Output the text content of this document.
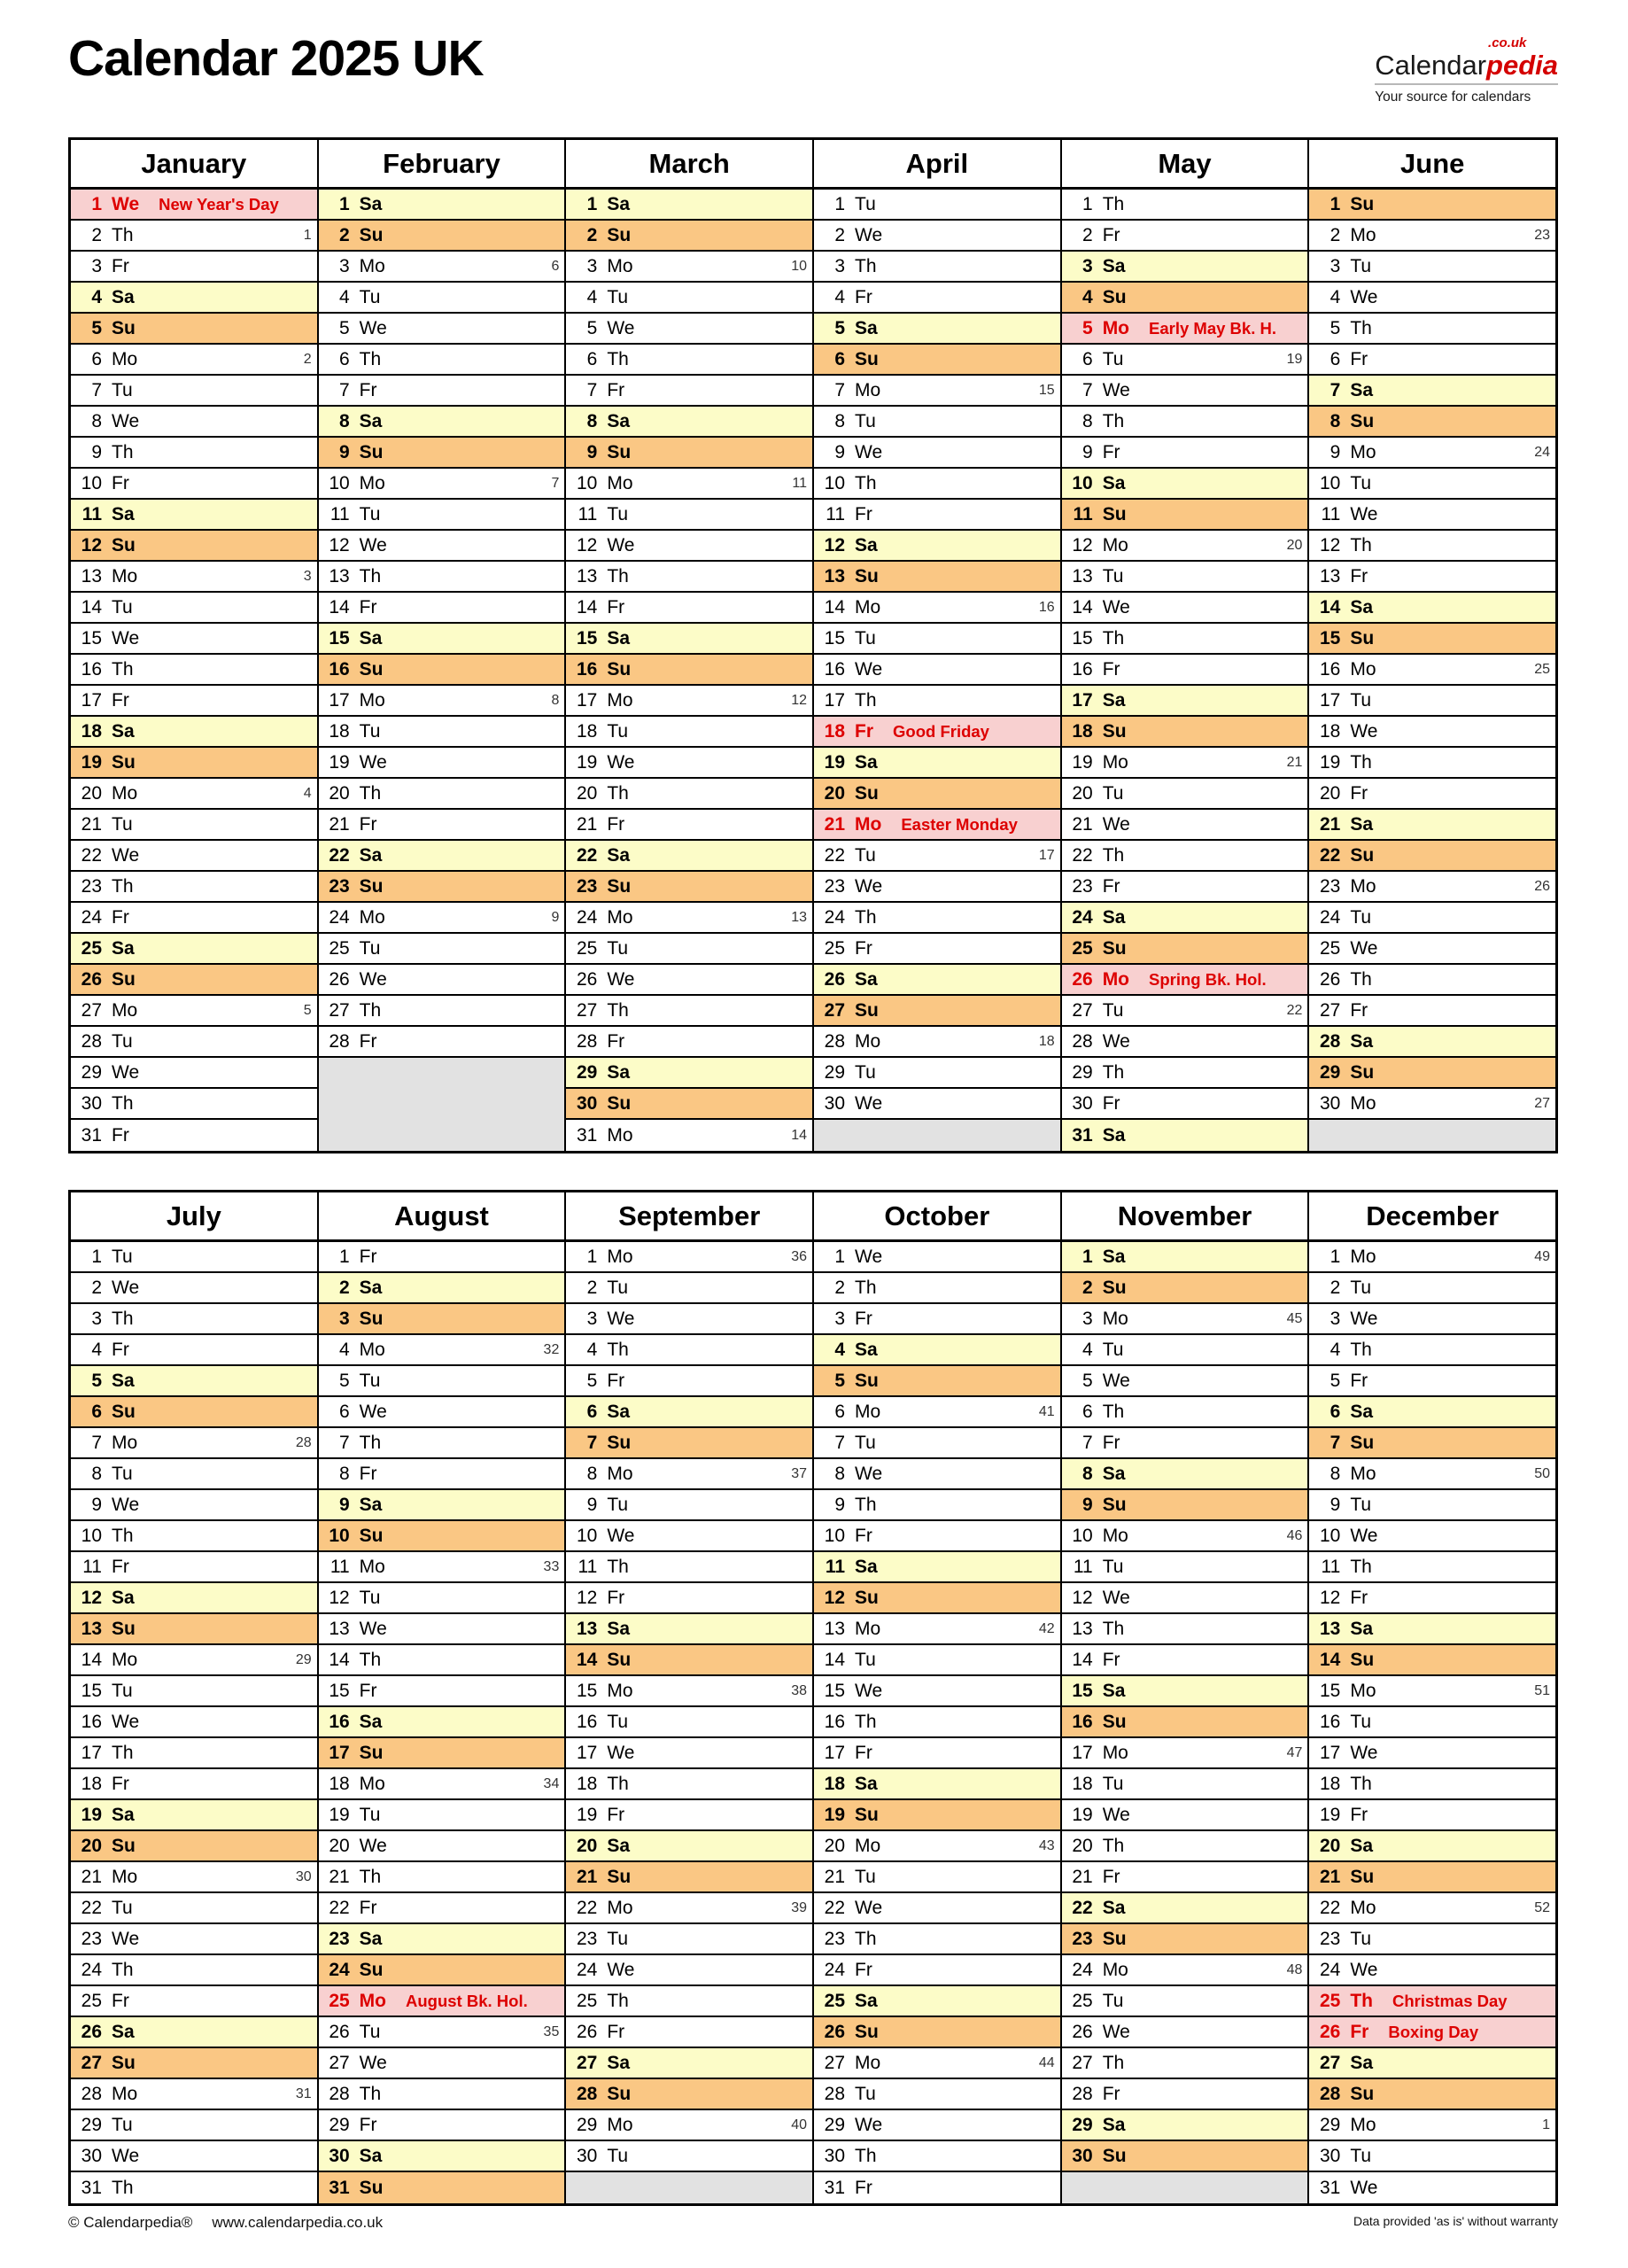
Calendar 2025 UK	Calendar
.co.uk
pedia
Your source for calendars
January
1 We New Year's Day
2 Th	1
3 Fr
4 Sa
5 Su
6 Mo	2
7 Tu
8 We
9 Th
10 Fr
11 Sa
12 Su
13 Mo	3
14 Tu
15 We
16 Th
17 Fr
18 Sa
19 Su
20 Mo	4
21 Tu
22 We
23 Th
24 Fr
25 Sa
26 Su
27 Mo	5
28 Tu
29 We
30 Th
31 Fr
February
1 Sa
2 Su
3 Mo	6
4 Tu
5 We
6 Th
7 Fr
8 Sa
9 Su
10 Mo	7
11 Tu
12 We
13 Th
14 Fr
15 Sa
16 Su
17 Mo	8
18 Tu
19 We
20 Th
21 Fr
22 Sa
23 Su
24 Mo	9
25 Tu
26 We
27 Th
28 Fr
March
1 Sa
2 Su
3 Mo	10
4 Tu
5 We
6 Th
7 Fr
8 Sa
9 Su
10 Mo	11
11 Tu
12 We
13 Th
14 Fr
15 Sa
16 Su
17 Mo	12
18 Tu
19 We
20 Th
21 Fr
22 Sa
23 Su
24 Mo	13
25 Tu
26 We
27 Th
28 Fr
29 Sa
30 Su
31 Mo	14
April
1 Tu
2 We
3 Th
4 Fr
5 Sa
6 Su
7 Mo	15
8 Tu
9 We
10 Th
11 Fr
12 Sa
13 Su
14 Mo	16
15 Tu
16 We
17 Th
18 Fr Good Friday
19 Sa
20 Su
21 Mo Easter Monday
22 Tu	17
23 We
24 Th
25 Fr
26 Sa
27 Su
28 Mo	18
29 Tu
30 We
May
1 Th
2 Fr
3 Sa
4 Su
5 Mo Early May Bk. H.
6 Tu	19
7 We
8 Th
9 Fr
10 Sa
11 Su
12 Mo	20
13 Tu
14 We
15 Th
16 Fr
17 Sa
18 Su
19 Mo	21
20 Tu
21 We
22 Th
23 Fr
24 Sa
25 Su
26 Mo Spring Bk. Hol.
27 Tu	22
28 We
29 Th
30 Fr
31 Sa
June
1 Su
2 Mo	23
3 Tu
4 We
5 Th
6 Fr
7 Sa
8 Su
9 Mo	24
10 Tu
11 We
12 Th
13 Fr
14 Sa
15 Su
16 Mo	25
17 Tu
18 We
19 Th
20 Fr
21 Sa
22 Su
23 Mo	26
24 Tu
25 We
26 Th
27 Fr
28 Sa
29 Su
30 Mo	27
July
1 Tu
2 We
3 Th
4 Fr
5 Sa
6 Su
7 Mo	28
8 Tu
9 We
10 Th
11 Fr
12 Sa
13 Su
14 Mo	29
15 Tu
16 We
17 Th
18 Fr
19 Sa
20 Su
21 Mo	30
22 Tu
23 We
24 Th
25 Fr
26 Sa
27 Su
28 Mo	31
29 Tu
30 We
31 Th
August
1 Fr
2 Sa
3 Su
4 Mo	32
5 Tu
6 We
7 Th
8 Fr
9 Sa
10 Su
11 Mo	33
12 Tu
13 We
14 Th
15 Fr
16 Sa
17 Su
18 Mo	34
19 Tu
20 We
21 Th
22 Fr
23 Sa
24 Su
25 Mo August Bk. Hol.
26 Tu	35
27 We
28 Th
29 Fr
30 Sa
31 Su
September
1 Mo	36
2 Tu
3 We
4 Th
5 Fr
6 Sa
7 Su
8 Mo	37
9 Tu
10 We
11 Th
12 Fr
13 Sa
14 Su
15 Mo	38
16 Tu
17 We
18 Th
19 Fr
20 Sa
21 Su
22 Mo	39
23 Tu
24 We
25 Th
26 Fr
27 Sa
28 Su
29 Mo	40
30 Tu
October
1 We
2 Th
3 Fr
4 Sa
5 Su
6 Mo	41
7 Tu
8 We
9 Th
10 Fr
11 Sa
12 Su
13 Mo	42
14 Tu
15 We
16 Th
17 Fr
18 Sa
19 Su
20 Mo	43
21 Tu
22 We
23 Th
24 Fr
25 Sa
26 Su
27 Mo	44
28 Tu
29 We
30 Th
31 Fr
November
1 Sa
2 Su
3 Mo	45
4 Tu
5 We
6 Th
7 Fr
8 Sa
9 Su
10 Mo	46
11 Tu
12 We
13 Th
14 Fr
15 Sa
16 Su
17 Mo	47
18 Tu
19 We
20 Th
21 Fr
22 Sa
23 Su
24 Mo	48
25 Tu
26 We
27 Th
28 Fr
29 Sa
30 Su
December
1 Mo	49
2 Tu
3 We
4 Th
5 Fr
6 Sa
7 Su
8 Mo	50
9 Tu
10 We
11 Th
12 Fr
13 Sa
14 Su
15 Mo	51
16 Tu
17 We
18 Th
19 Fr
20 Sa
21 Su
22 Mo	52
23 Tu
24 We
25 Th Christmas Day
26 Fr Boxing Day
27 Sa
28 Su
29 Mo	1
30 Tu
31 We
© Calendarpedia® www.calendarpedia.co.uk	Data provided 'as is' without warranty
